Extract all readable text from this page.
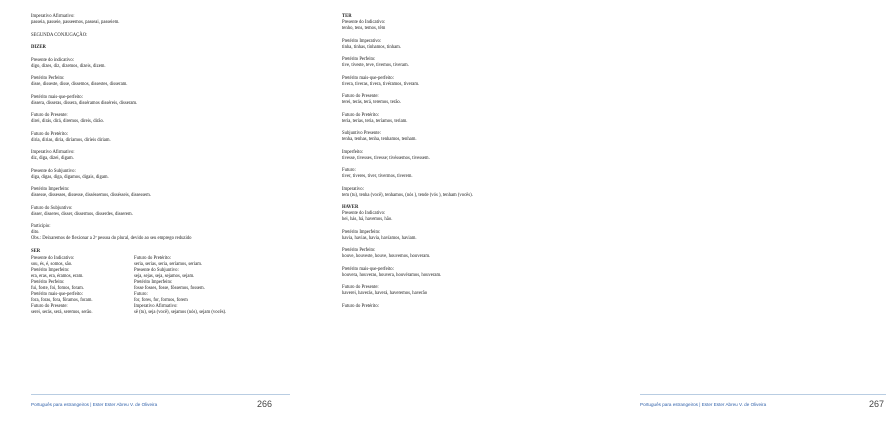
Imperativo Afirmativo:
passeia, passeie, passeemos, passeai, passeiem.
SEGUNDA CONJUGAÇÃO:
DIZER
Presente do indicativo:
digo, dizes, diz, dizemos, dizeis, dizem.
Pretérito Perfeito:
disse, disseste, disse, dissemos, dissestes, disseram.
Pretérito mais-que-perfeito:
dissera, disseras, dissera, disséramos disséreis, disseram.
Futuro do Presente:
direi, dirás, dirá, diremos, direis, dirão.
Futuro do Pretérito:
diria, dirias, diria, diríamos, diríeis diriam.
Imperativo Afirmativo:
diz, diga, dizei, digam.
Presente do Subjuntivo:
diga, digas, diga, digamos, digais, digam.
Pretérito Imperfeito:
dissesse, dissesses, dissesse, disséssemos, dissésseis, dissessem.
Futuro do Subjuntivo:
disser, disseres, disser, dissermos, disserdes, disserem.
Particípio:
dito.
Obs.: Deixaremos de flexionar a 2ª pessoa do plural, devido ao seu emprego reduzido
SER
Presente do Indicativo:
sou, és, é, somos, são.
Pretérito Imperfeito:
era, eras, era, éramos, eram.
Pretérito Perfeito:
fui, foste, foi, fomos, foram.
Pretérito mais-que-perfeito:
fora, foras, fora, fôramos, foram.
Futuro do Presente:
serei, serás, será, seremos, serão.
Futuro do Pretérito:
seria, serias, seria, seríamos, seriam.
Presente do Subjuntivo:
seja, sejas, seja, sejamos, sejam.
Pretérito Imperfeito:
fosse fosses, fosse, fôssemos, fossem.
Futuro:
for, fores, for, formos, forem
Imperativo Afirmativo:
sê (tu), seja (você), sejamos (nós), sejam (vocês).
Português para estrangeiros | Ester Ester Abreu V. de Oliveira	266
TER
Presente do Indicativo:
tenho, tens, temos, têm
Pretérito Imperativo:
tinha, tinhas, tínhamos, tinham.
Pretérito Perfeito:
tive, tiveste, teve, tivemos, tiveram.
Pretérito mais-que-perfeito:
tivera, tiveras, tivera, tivéramos, tiveram.
Futuro do Presente:
terei, terás, terá, teremos, terão.
Futuro do Pretérito:
teria, terias, teria, teríamos, teriam.
Subjuntivo Presente:
tenha, tenhas, tenha, tenhamos, tenham.
Imperfeito:
tivesse, tivesses, tivesse; tivéssemos, tivessem.
Futuro:
tiver, tiveres, tiver, tivermos, tiverem.
Imperativo:
tem (tu), tenha (você), tenhamos, (nós ), tende (vós ), tenham (vocês).
HAVER
Presente do Indicativo:
hei, hás, há, havemos, hão.
Pretérito Imperfeito:
havia, havias, havia, havíamos, haviam.
Pretérito Perfeito:
houve, houveste, houve, houvemos, houveram.
Pretérito mais-que-perfeito:
houvera, houveras, houvera, houvéramos, houveram.
Futuro do Presente:
haverei, haverás, haverá, haveremos, haverão
Futuro do Pretérito:
Português para estrangeiros | Ester Ester Abreu V. de Oliveira	267
